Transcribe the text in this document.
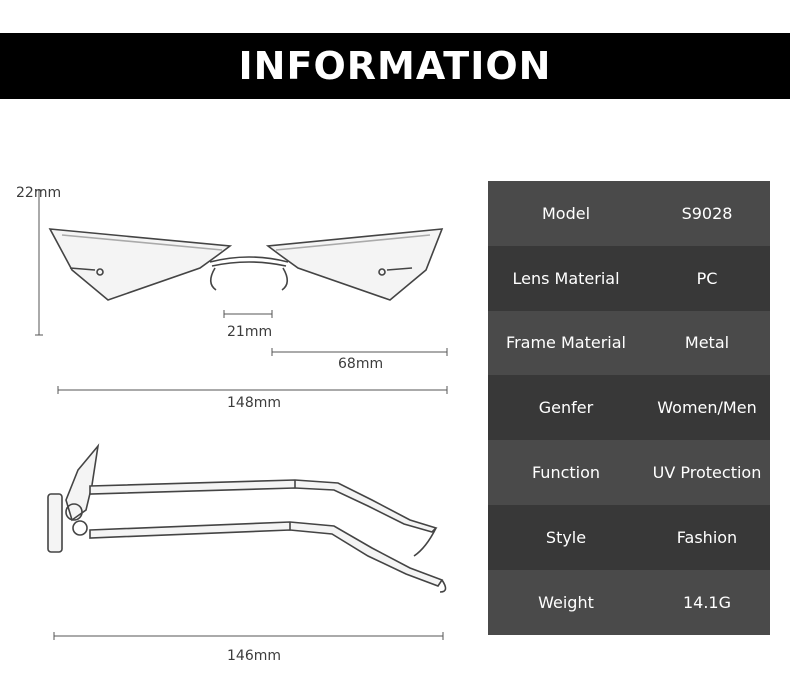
INFORMATION
22mm
21mm
68mm
148mm
146mm
Model	S9028
Lens Material	PC
Frame Material	Metal
Genfer	Women/Men
Function	UV Protection
Style	Fashion
Weight	14.1G
